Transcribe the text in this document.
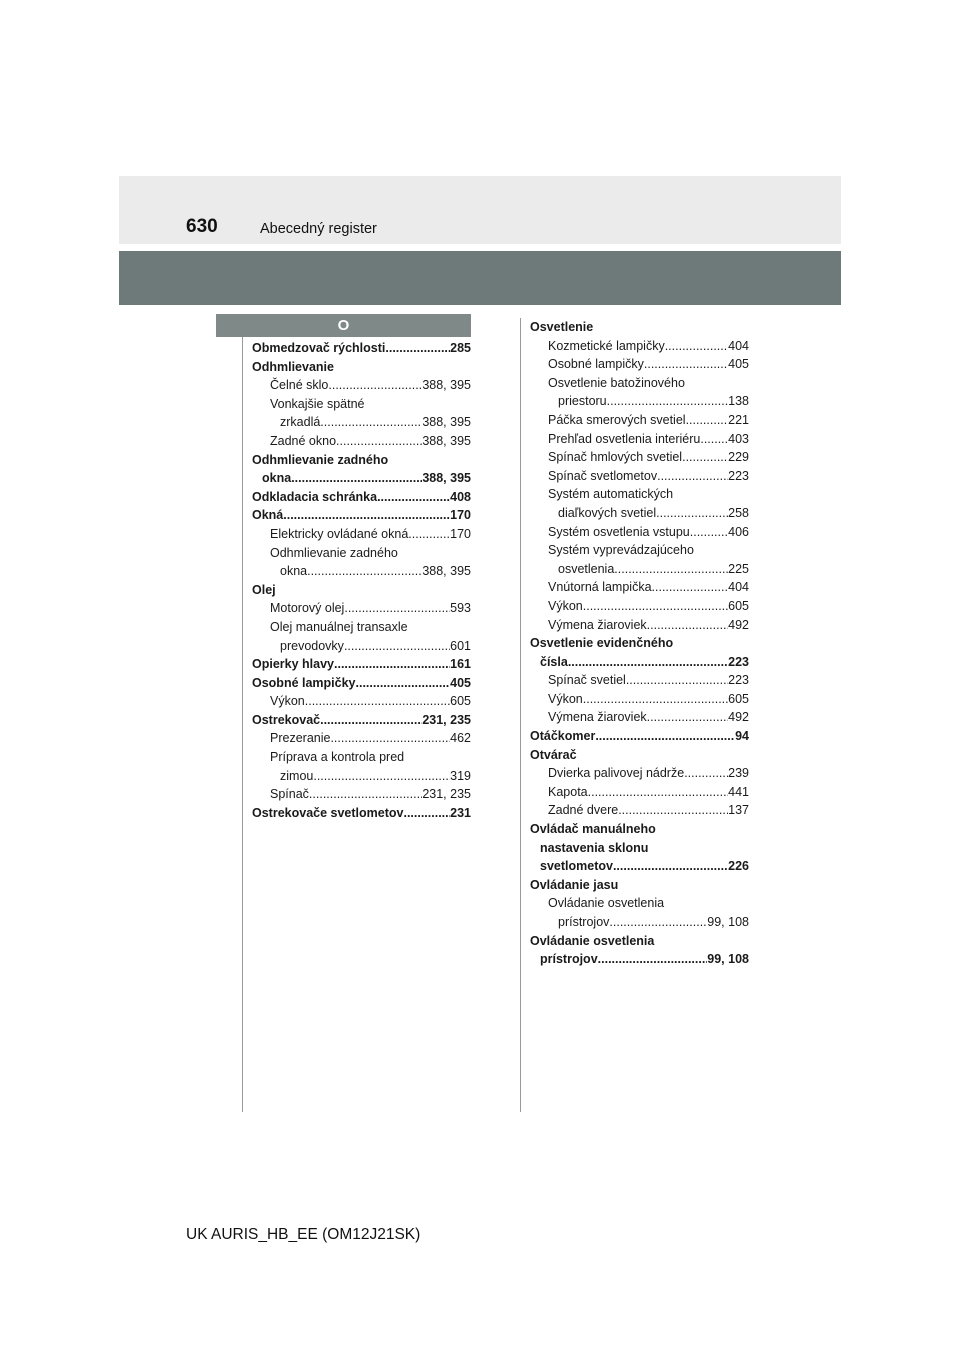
630	Abecedný register
O
Obmedzovač rýchlosti .....	285
Odhmlievanie
Čelné sklo .....	388, 395
Vonkajšie spätné
zrkadlá .....	388, 395
Zadné okno .....	388, 395
Odhmlievanie zadného
okna .....	388, 395
Odkladacia schránka .....	408
Okná .....	170
Elektricky ovládané okná .....	170
Odhmlievanie zadného
okna .....	388, 395
Olej
Motorový olej .....	593
Olej manuálnej transaxle
prevodovky .....	601
Opierky hlavy .....	161
Osobné lampičky .....	405
Výkon .....	605
Ostrekovač .....	231, 235
Prezeranie .....	462
Príprava a kontrola pred
zimou .....	319
Spínač .....	231, 235
Ostrekovače svetlometov .....	231
Osvetlenie
Kozmetické lampičky .....	404
Osobné lampičky .....	405
Osvetlenie batožinového
priestoru .....	138
Páčka smerových svetiel .....	221
Prehľad osvetlenia interiéru ..... 403
Spínač hmlových svetiel .....	229
Spínač svetlometov .....	223
Systém automatických
diaľkových svetiel .....	258
Systém osvetlenia vstupu .....	406
Systém vyprevádzajúceho
osvetlenia .....	225
Vnútorná lampička .....	404
Výkon .....	605
Výmena žiaroviek .....	492
Osvetlenie evidenčného
čísla .....	223
Spínač svetiel .....	223
Výkon .....	605
Výmena žiaroviek .....	492
Otáčkomer .....	94
Otvárač
Dvierka palivovej nádrže .....	239
Kapota .....	441
Zadné dvere .....	137
Ovládač manuálneho
nastavenia sklonu
svetlometov .....	226
Ovládanie jasu
Ovládanie osvetlenia
prístrojov .....	99, 108
Ovládanie osvetlenia
prístrojov .....	99, 108
UK AURIS_HB_EE (OM12J21SK)
